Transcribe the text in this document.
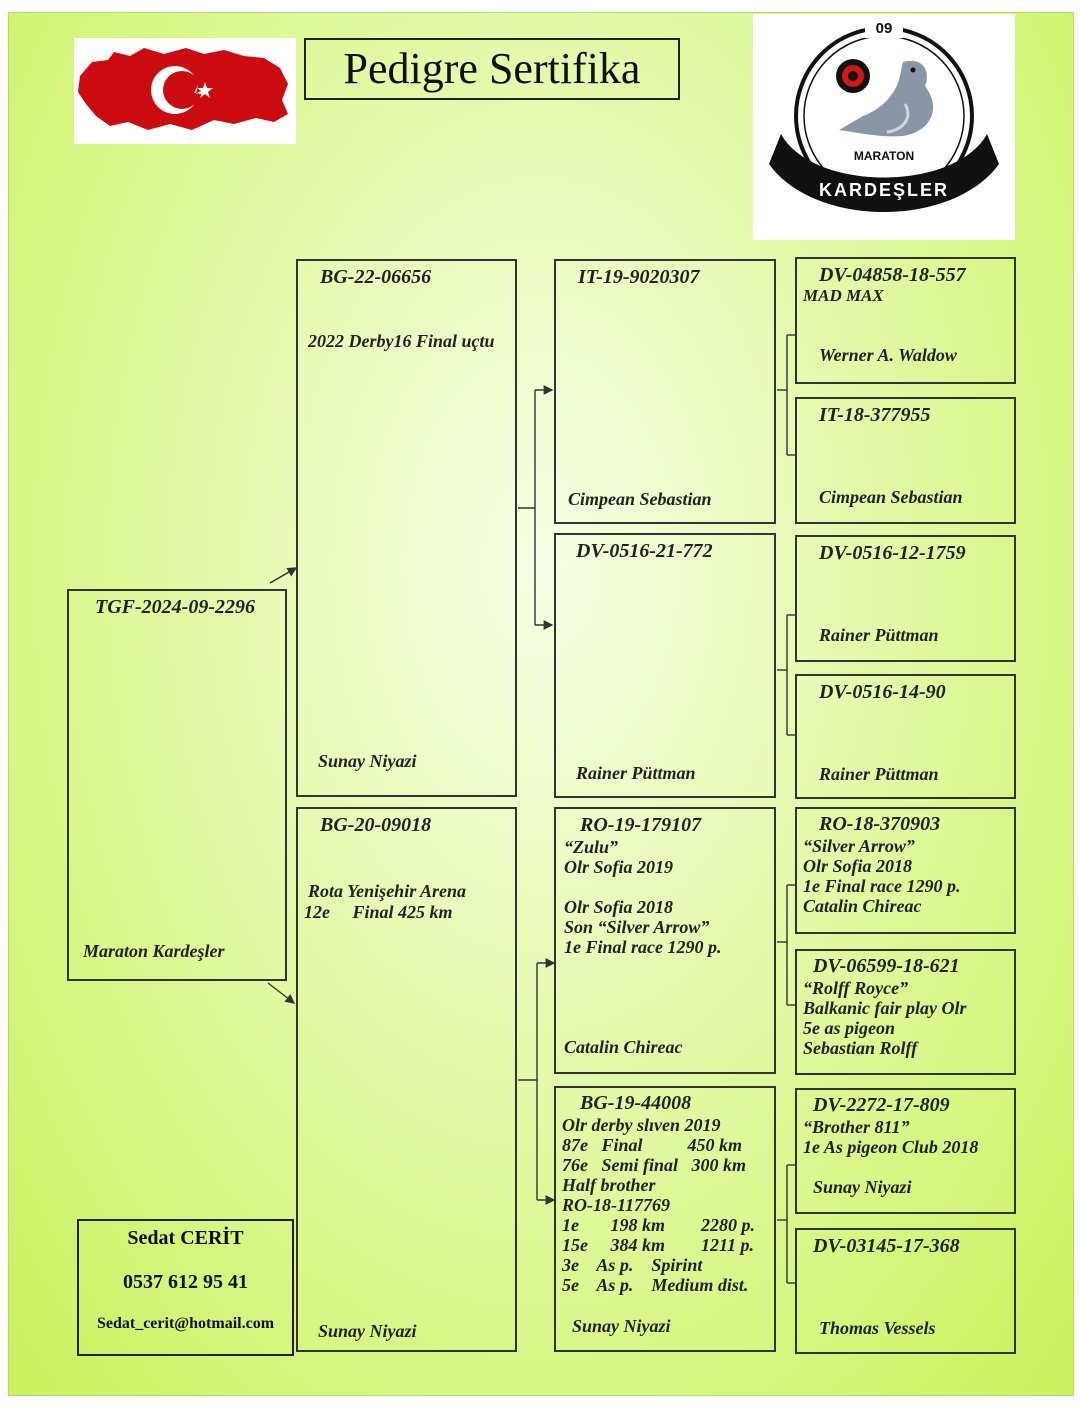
Pedigre Sertifika
09
MARATON
KARDEŞLER
TGF-2024-09-2296
Maraton Kardeşler
Sedat CERİT
0537 612 95 41
Sedat_cerit@hotmail.com
BG-22-06656
2022 Derby16 Final uçtu
Sunay Niyazi
BG-20-09018
Rota Yenişehir Arena
12e     Final 425 km
Sunay Niyazi
IT-19-9020307
Cimpean Sebastian
DV-0516-21-772
Rainer Püttman
RO-19-179107
“Zulu”
Olr Sofia 2019
Olr Sofia 2018
Son “Silver Arrow”
1e Final race 1290 p.
Catalin Chireac
BG-19-44008
Olr derby slıven 2019
87e   Final          450 km
76e   Semi final   300 km
Half brother
RO-18-117769
1e       198 km        2280 p.
15e     384 km        1211 p.
3e    As p.    Spirint
5e    As p.    Medium dist.
Sunay Niyazi
DV-04858-18-557
MAD MAX
Werner A. Waldow
IT-18-377955
Cimpean Sebastian
DV-0516-12-1759
Rainer Püttman
DV-0516-14-90
Rainer Püttman
RO-18-370903
“Silver Arrow”
Olr Sofia 2018
1e Final race 1290 p.
Catalin Chireac
DV-06599-18-621
“Rolff Royce”
Balkanic fair play Olr
5e as pigeon
Sebastian Rolff
DV-2272-17-809
“Brother 811”
1e As pigeon Club 2018
Sunay Niyazi
DV-03145-17-368
Thomas Vessels
